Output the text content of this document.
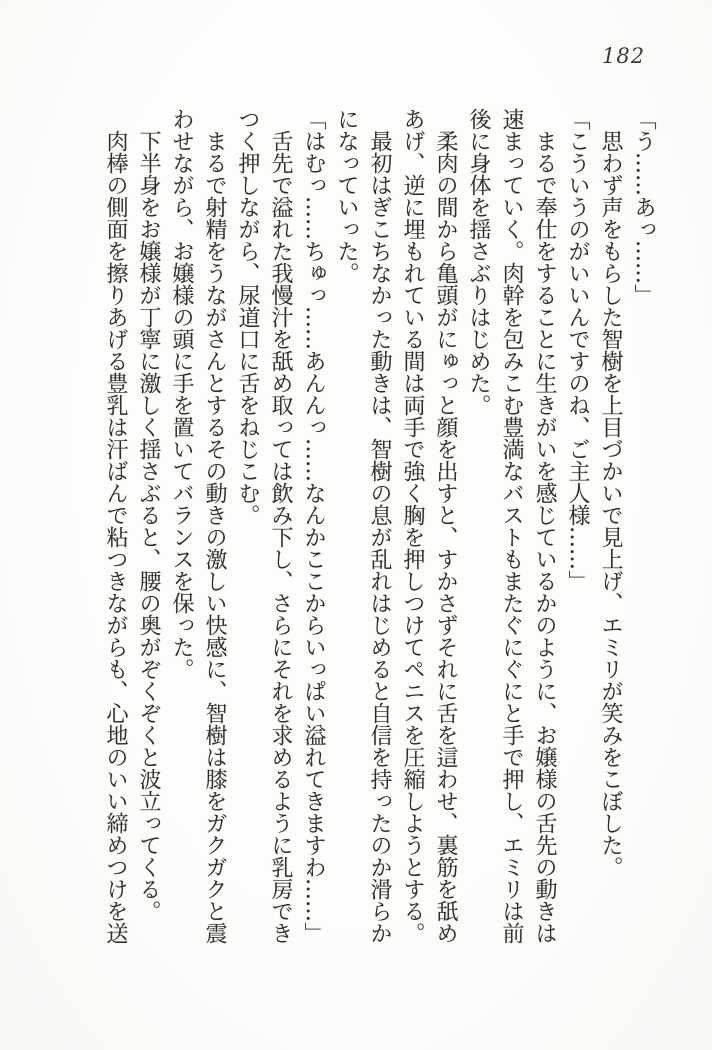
182

「う……あっ……」

思わず声をもらした智樹を上目づかいで見上げ、エミリが笑みをこぼした。

「こういうのがいいんですのね、ご主人様……」

まるで奉仕をすることに生きがいを感じているかのように、お嬢様の舌先の動きは速まっていく。肉幹を包みこむ豊満なバストもまたぐにぐにと手で押し、エミリは前後に身体を揺さぶりはじめた。

柔肉の間から亀頭がにゅっと顔を出すと、すかさずそれに舌を這わせ、裏筋を舐めあげ、逆に埋もれている間は両手で強く胸を押しつけてペニスを圧縮しようとする。

最初はぎこちなかった動きは、智樹の息が乱れはじめると自信を持ったのか滑らかになっていった。

「はむっ……ちゅっ……あんんっ……なんかここからいっぱい溢れてきますわ……」

舌先で溢れた我慢汁を舐め取っては飲み下し、さらにそれを求めるように乳房できつく押しながら、尿道口に舌をねじこむ。

まるで射精をうながさんとするその動きの激しい快感に、智樹は膝をガクガクと震わせながら、お嬢様の頭に手を置いてバランスを保った。

下半身をお嬢様が丁寧に激しく揺さぶると、腰の奥がぞくぞくと波立ってくる。

肉棒の側面を擦りあげる豊乳は汗ばんで粘つきながらも、心地のいい締めつけを送
